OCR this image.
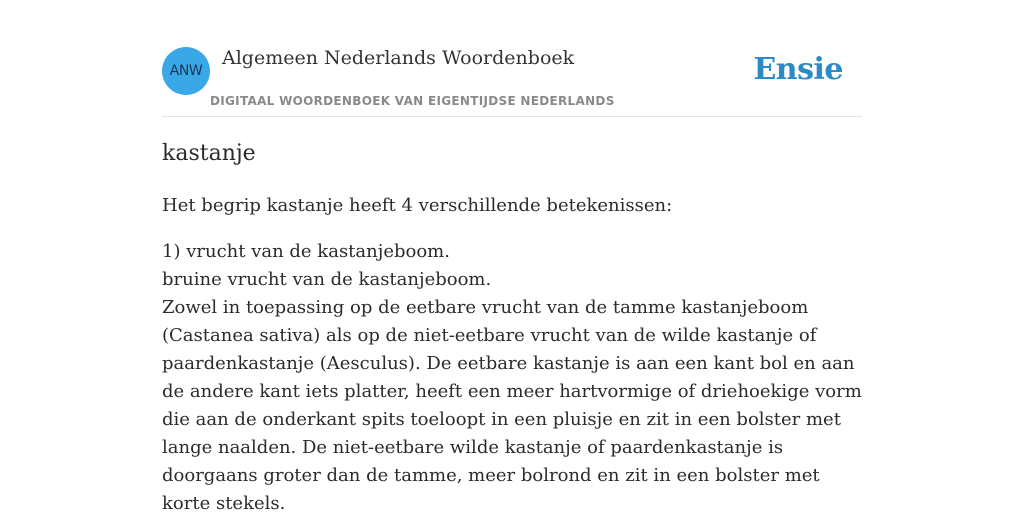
ANW
Algemeen Nederlands Woordenboek
DIGITAAL WOORDENBOEK VAN EIGENTIJDSE NEDERLANDS
Ensie
kastanje

Het begrip kastanje heeft 4 verschillende betekenissen:

1) vrucht van de kastanjeboom.
bruine vrucht van de kastanjeboom.
Zowel in toepassing op de eetbare vrucht van de tamme kastanjeboom (Castanea sativa) als op de niet-eetbare vrucht van de wilde kastanje of paardenkastanje (Aesculus). De eetbare kastanje is aan een kant bol en aan de andere kant iets platter, heeft een meer hartvormige of driehoekige vorm die aan de onderkant spits toeloopt in een pluisje en zit in een bolster met lange naalden. De niet-eetbare wilde kastanje of paardenkastanje is doorgaans groter dan de tamme, meer bolrond en zit in een bolster met korte stekels.
